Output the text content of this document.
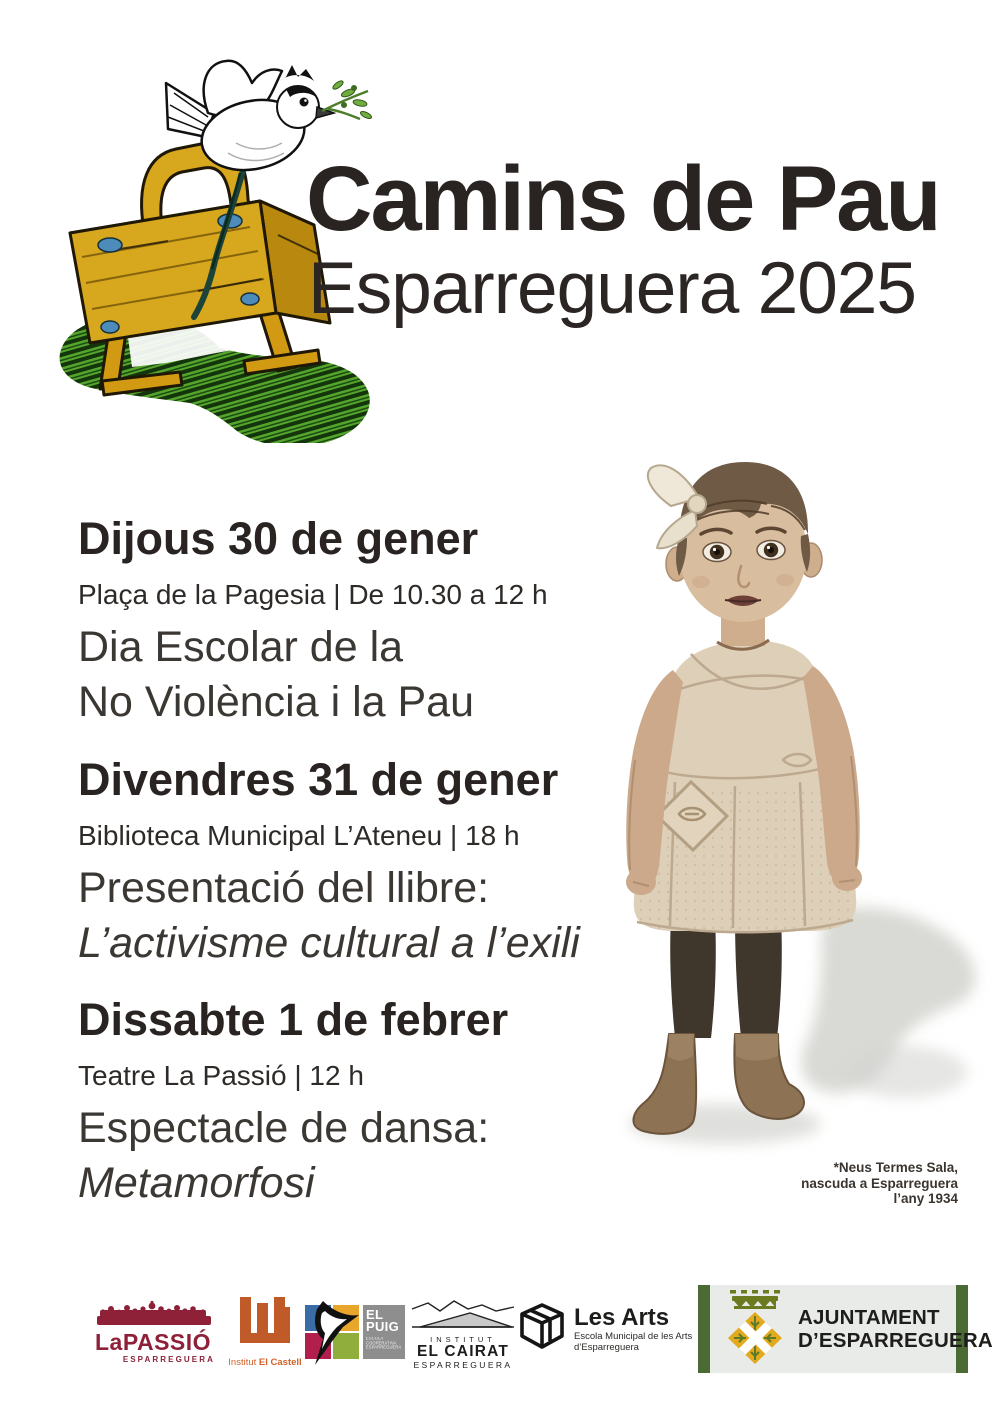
Camins de Pau
Esparreguera 2025
Dijous 30 de gener
Plaça de la Pagesia | De 10.30 a 12 h
Dia Escolar de la
No Violència i la Pau
Divendres 31 de gener
Biblioteca Municipal L’Ateneu | 18 h
Presentació del llibre:
L’activisme cultural a l’exili
Dissabte 1 de febrer
Teatre La Passió | 12 h
Espectacle de dansa:
Metamorfosi	*Neus Termes Sala,
nascuda a Esparreguera
l’any 1934
LaPASSIÓ
ESPARREGUERA	Institut El Castell
EL
PUIG
ESCOLA
COOPERATIVA
ESPARREGUERA
INSTITUT
EL CAIRAT
ESPARREGUERA
Les Arts
Escola Municipal de les Arts
d’Esparreguera
AJUNTAMENT
D’ESPARREGUERA
